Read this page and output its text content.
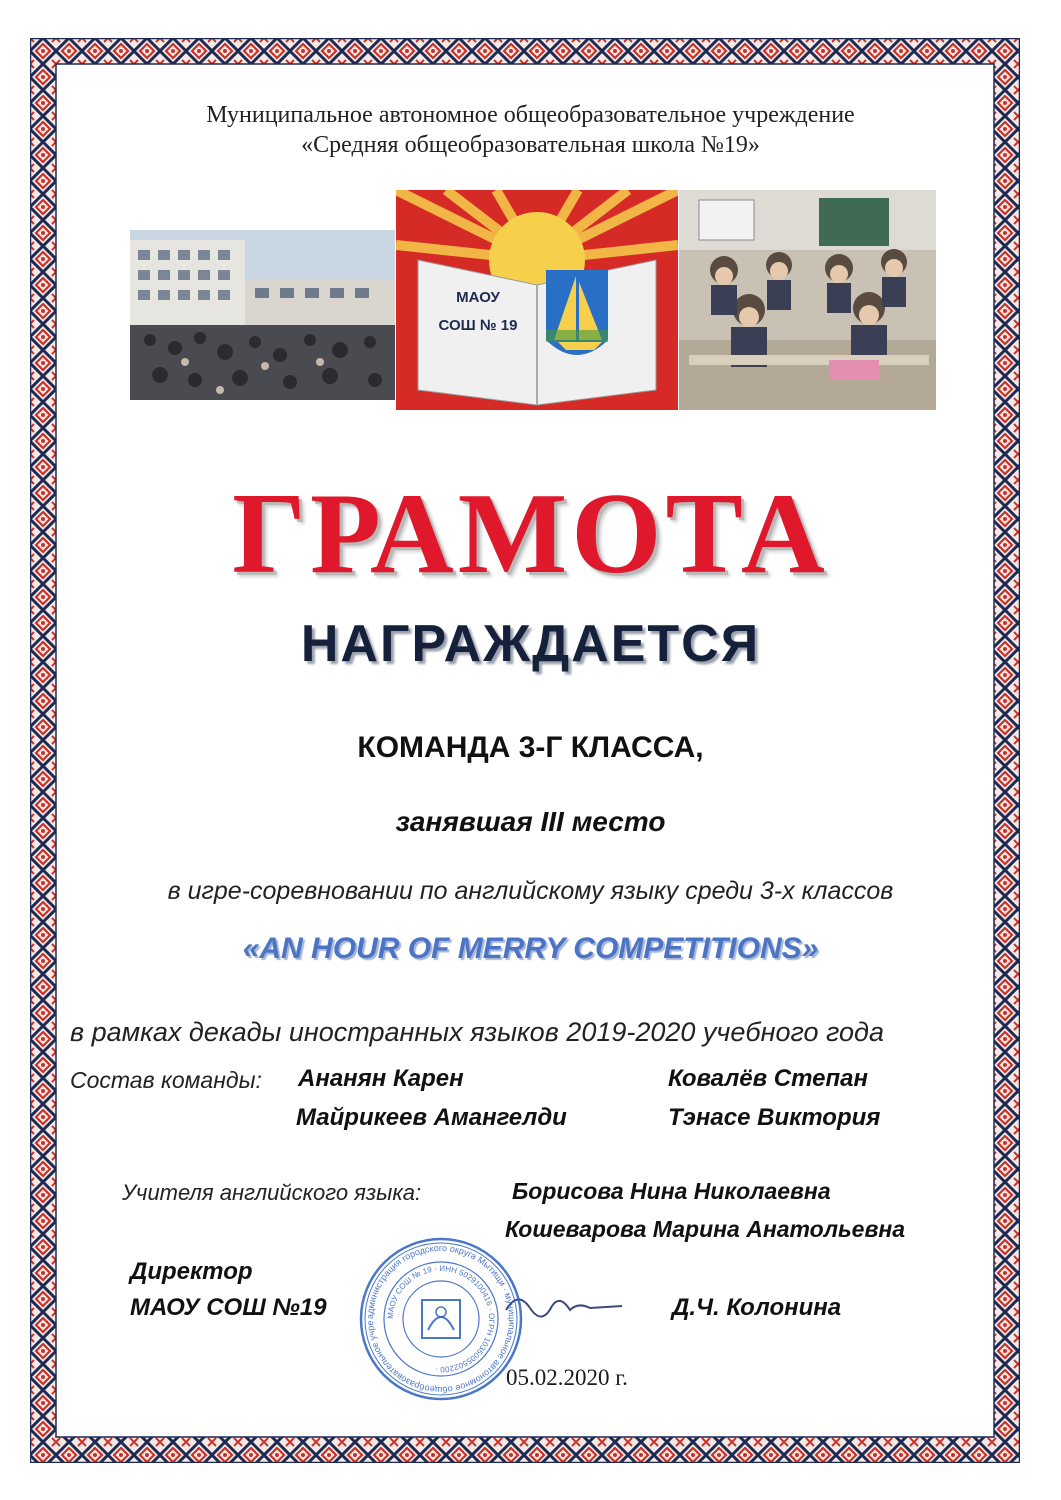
Муниципальное автономное общеобразовательное учреждение
«Средняя общеобразовательная школа №19»
МАОУ
СОШ № 19
ГРАМОТА
НАГРАЖДАЕТСЯ
КОМАНДА 3-Г КЛАССА,
занявшая III место
в игре-соревновании по английскому языку среди 3-х классов
«AN HOUR OF MERRY COMPETITIONS»
в рамках декады иностранных языков 2019-2020 учебного года
Состав команды: Ананян Карен	Ковалёв Степан
Майрикеев Амангелди	Тэнасе Виктория
Учителя английского языка:	Борисова Нина Николаевна
Кошеварова Марина Анатольевна
Директор
МАОУ СОШ №19	Д.Ч. Колонина
администрация городского округа Мытищи · муниципальное автономное общеобразовательное учре
МАОУ СОШ № 19 · ИНН 5029100416 · ОГРН 1035005502200 ·	05.02.2020 г.
